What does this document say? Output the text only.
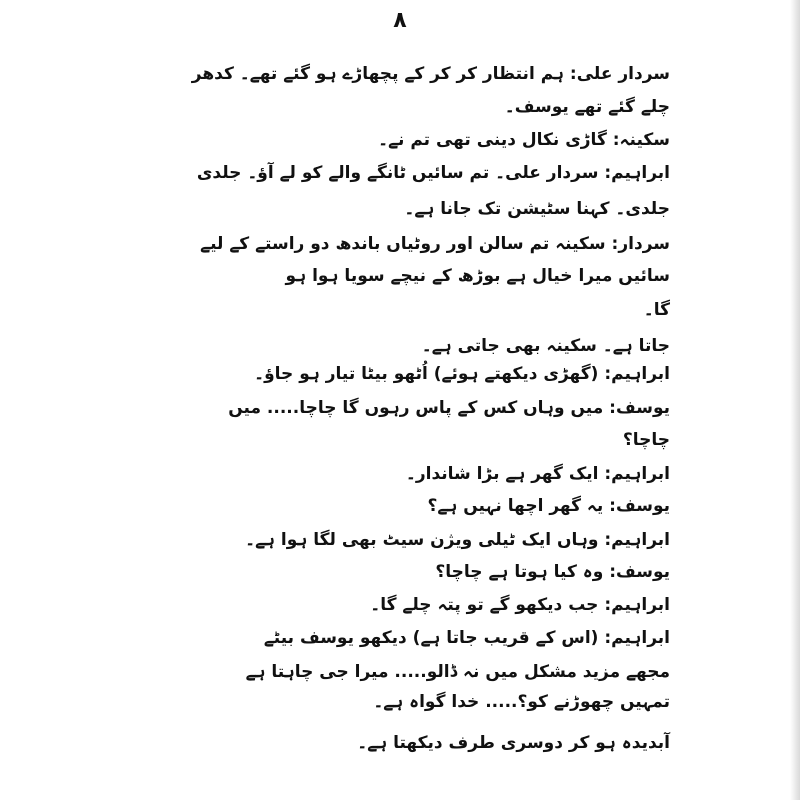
۸
سردار علی: ہم انتظار کر کر کے پچھاڑے ہو گئے تھے۔ کدھر
چلے گئے تھے یوسف۔
سکینہ: گاڑی نکال دینی تھی تم نے۔
ابراہیم: سردار علی۔ تم سائیں ٹانگے والے کو لے آؤ۔ جلدی
جلدی۔ کہنا سٹیشن تک جانا ہے۔
سردار: سکینہ تم سالن اور روٹیاں باندھ دو راستے کے لیے
سائیں میرا خیال ہے بوڑھ کے نیچے سویا ہوا ہو
گا۔
جاتا ہے۔ سکینہ بھی جاتی ہے۔
ابراہیم: (گھڑی دیکھتے ہوئے) اُٹھو بیٹا تیار ہو جاؤ۔
یوسف: میں وہاں کس کے پاس رہوں گا چاچا..... میں
چاچا؟
ابراہیم: ایک گھر ہے بڑا شاندار۔
یوسف: یہ گھر اچھا نہیں ہے؟
ابراہیم: وہاں ایک ٹیلی ویژن سیٹ بھی لگا ہوا ہے۔
یوسف: وہ کیا ہوتا ہے چاچا؟
ابراہیم: جب دیکھو گے تو پتہ چلے گا۔
ابراہیم: (اس کے قریب جاتا ہے) دیکھو یوسف بیٹے
مجھے مزید مشکل میں نہ ڈالو..... میرا جی چاہتا ہے
تمہیں چھوڑنے کو؟..... خدا گواہ ہے۔
آبدیدہ ہو کر دوسری طرف دیکھتا ہے۔
